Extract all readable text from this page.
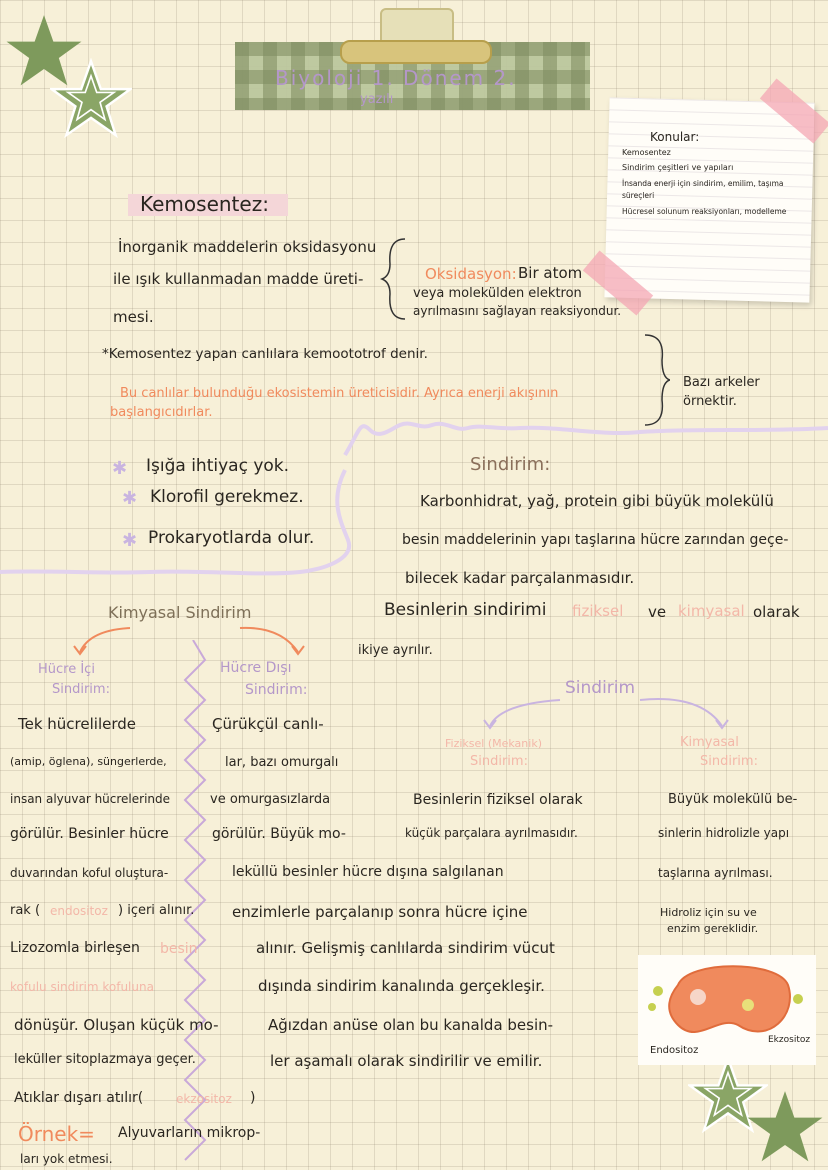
Biyoloji 1. Dönem 2.
yazılı
Konular:
Kemosentez
Sindirim çeşitleri ve yapıları
İnsanda enerji için sindirim, emilim, taşıma süreçleri
Hücresel solunum reaksiyonları, modelleme
Kemosentez:
İnorganik maddelerin oksidasyonu
ile ışık kullanmadan madde üreti-
mesi.
Oksidasyon: Bir atom
veya molekülden elektron
ayrılmasını sağlayan reaksiyondur.
*Kemosentez yapan canlılara kemoototrof denir.
Bu canlılar bulunduğu ekosistemin üreticisidir. Ayrıca enerji akışının
başlangıcıdırlar.
Bazı arkeler
örnektir.
✱ Işığa ihtiyaç yok.
✱ Klorofil gerekmez.
✱ Prokaryotlarda olur.
Sindirim:
Karbonhidrat, yağ, protein gibi büyük molekülü
besin maddelerinin yapı taşlarına hücre zarından geçe-
bilecek kadar parçalanmasıdır.
Besinlerin sindirimi fiziksel ve kimyasal olarak
ikiye ayrılır.
Sindirim
Fiziksel (Mekanik)
Sindirim:
Kimyasal
Sindirim:
Besinlerin fiziksel olarak
küçük parçalara ayrılmasıdır.
Büyük molekülü be-
sinlerin hidrolizle yapı
taşlarına ayrılması.
Hidroliz için su ve
enzim gereklidir.
Endositoz
Ekzositoz
Kimyasal Sindirim
Hücre İçi
Sindirim:
Hücre Dışı
Sindirim:
Tek hücrelilerde
(amip, öglena), süngerlerde,
insan alyuvar hücrelerinde
görülür. Besinler hücre
duvarından koful oluştura-
rak ( endositoz ) içeri alınır.
Lizozomla birleşen besin
kofulu sindirim kofuluna
dönüşür. Oluşan küçük mo-
leküller sitoplazmaya geçer.
Atıklar dışarı atılır(	ekzositoz )
Çürükçül canlı-
lar, bazı omurgalı
ve omurgasızlarda
görülür. Büyük mo-
leküllü besinler hücre dışına salgılanan
enzimlerle parçalanıp sonra hücre içine
alınır. Gelişmiş canlılarda sindirim vücut
dışında sindirim kanalında gerçekleşir.
Ağızdan anüse olan bu kanalda besin-
ler aşamalı olarak sindirilir ve emilir.
Örnek= Alyuvarların mikrop-
ları yok etmesi.
